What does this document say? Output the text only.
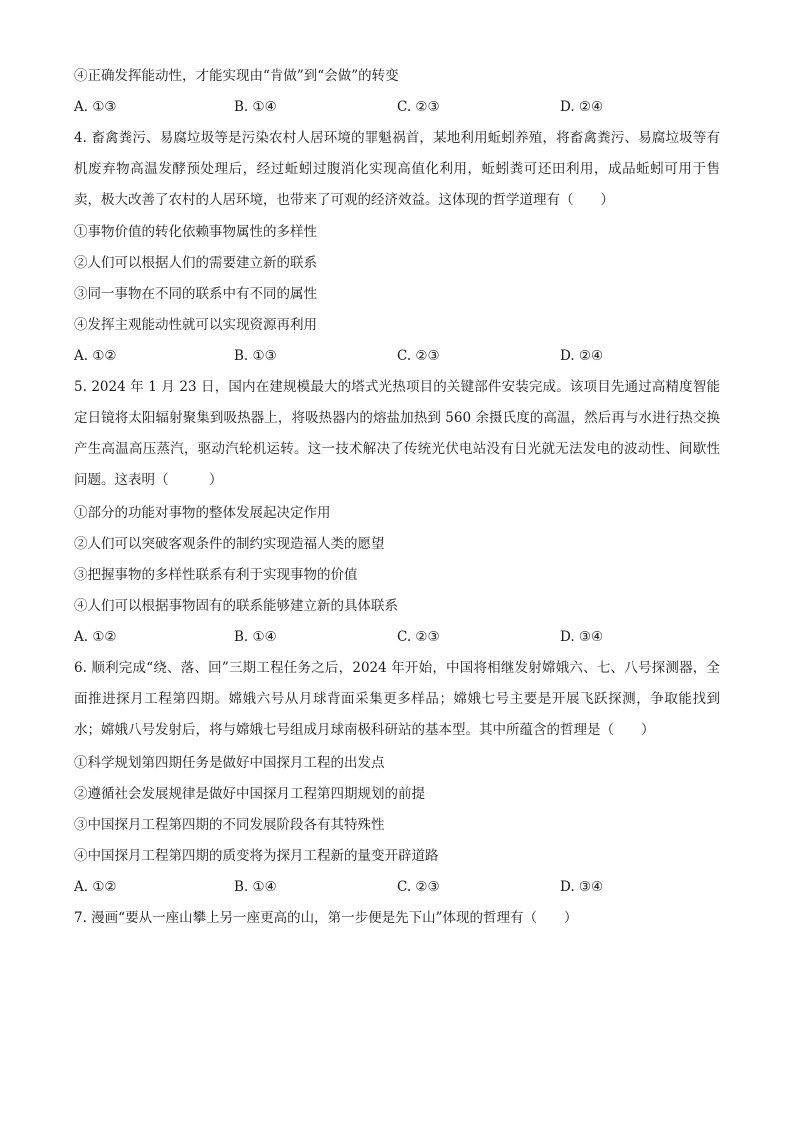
④正确发挥能动性，才能实现由“肯做”到“会做”的转变
A. ①③	B. ①④	C. ②③	D. ②④
4. 畜禽粪污、易腐垃圾等是污染农村人居环境的罪魁祸首，某地利用蚯蚓养殖，将畜禽粪污、易腐垃圾等有机废弃物高温发酵预处理后，经过蚯蚓过腹消化实现高值化利用，蚯蚓粪可还田利用，成品蚯蚓可用于售卖，极大改善了农村的人居环境，也带来了可观的经济效益。这体现的哲学道理有（　　）
①事物价值的转化依赖事物属性的多样性
②人们可以根据人们的需要建立新的联系
③同一事物在不同的联系中有不同的属性
④发挥主观能动性就可以实现资源再利用
A. ①②	B. ①③	C. ②③	D. ②④
5. 2024 年 1 月 23 日，国内在建规模最大的塔式光热项目的关键部件安装完成。该项目先通过高精度智能定日镜将太阳辐射聚集到吸热器上，将吸热器内的熔盐加热到 560 余摄氏度的高温，然后再与水进行热交换产生高温高压蒸汽，驱动汽轮机运转。这一技术解决了传统光伏电站没有日光就无法发电的波动性、间歇性问题。这表明（　　　）
①部分的功能对事物的整体发展起决定作用
②人们可以突破客观条件的制约实现造福人类的愿望
③把握事物的多样性联系有利于实现事物的价值
④人们可以根据事物固有的联系能够建立新的具体联系
A. ①②	B. ①④	C. ②③	D. ③④
6. 顺利完成“绕、落、回”三期工程任务之后，2024 年开始，中国将相继发射嫦娥六、七、八号探测器，全面推进探月工程第四期。嫦娥六号从月球背面采集更多样品；嫦娥七号主要是开展飞跃探测，争取能找到水；嫦娥八号发射后，将与嫦娥七号组成月球南极科研站的基本型。其中所蕴含的哲理是（　　）
①科学规划第四期任务是做好中国探月工程的出发点
②遵循社会发展规律是做好中国探月工程第四期规划的前提
③中国探月工程第四期的不同发展阶段各有其特殊性
④中国探月工程第四期的质变将为探月工程新的量变开辟道路
A. ①②	B. ①④	C. ②③	D. ③④
7. 漫画“要从一座山攀上另一座更高的山，第一步便是先下山”体现的哲理有（　　）
